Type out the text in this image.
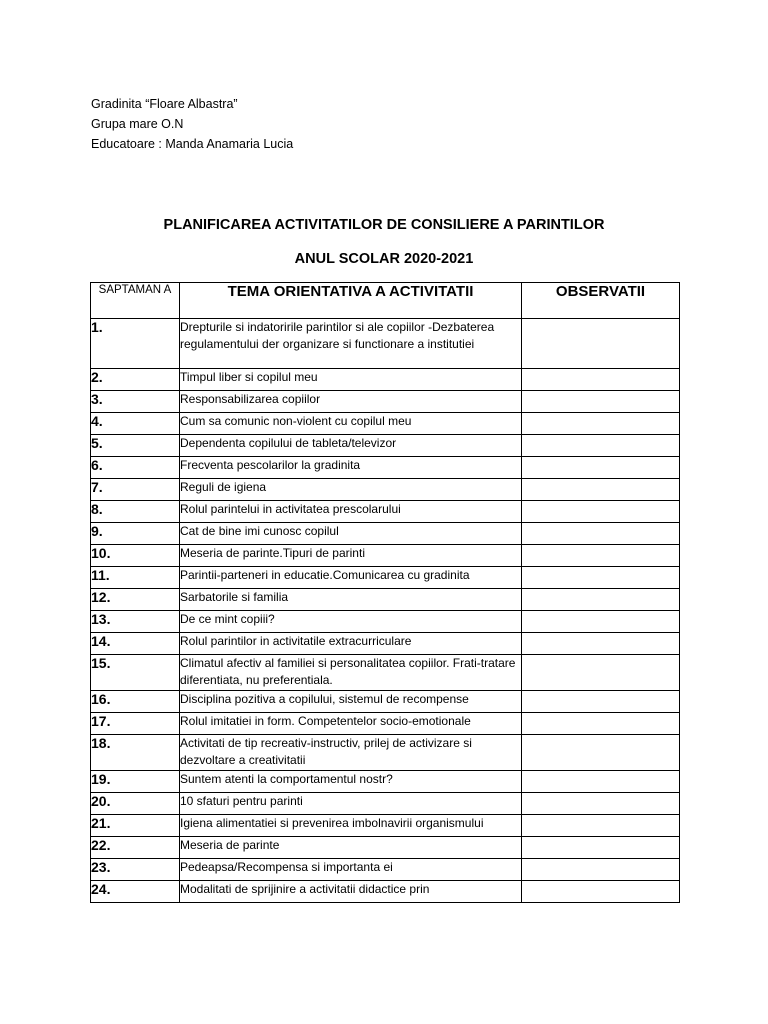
Gradinita “Floare Albastra”
Grupa mare O.N
Educatoare : Manda Anamaria Lucia
PLANIFICAREA ACTIVITATILOR DE CONSILIERE A PARINTILOR
ANUL SCOLAR 2020-2021
SAPTAMAN A	TEMA ORIENTATIVA A ACTIVITATII	OBSERVATII
1.	Drepturile si indatoririle parintilor si ale copiilor -Dezbaterea regulamentului der organizare si functionare a institutiei	
2.	Timpul liber si copilul meu	
3.	Responsabilizarea copiilor	
4.	Cum sa comunic non-violent cu copilul meu	
5.	Dependenta copilului de tableta/televizor	
6.	Frecventa pescolarilor la gradinita	
7.	Reguli de igiena	
8.	Rolul parintelui in activitatea prescolarului	
9.	Cat de bine imi cunosc copilul	
10.	Meseria de parinte.Tipuri de parinti	
11.	Parintii-parteneri in educatie.Comunicarea cu gradinita	
12.	Sarbatorile si familia	
13.	De ce mint copiii?	
14.	Rolul parintilor in activitatile extracurriculare	
15.	Climatul afectiv al familiei si personalitatea copiilor. Frati-tratare diferentiata, nu preferentiala.	
16.	Disciplina pozitiva a copilului, sistemul de recompense	
17.	Rolul imitatiei in form. Competentelor socio-emotionale	
18.	Activitati de tip recreativ-instructiv, prilej de activizare si dezvoltare a creativitatii	
19.	Suntem atenti la comportamentul nostr?	
20.	10 sfaturi pentru parinti	
21.	Igiena alimentatiei si prevenirea imbolnavirii organismului	
22.	Meseria de parinte	
23.	Pedeapsa/Recompensa si importanta ei	
24.	Modalitati de sprijinire a activitatii didactice prin	
